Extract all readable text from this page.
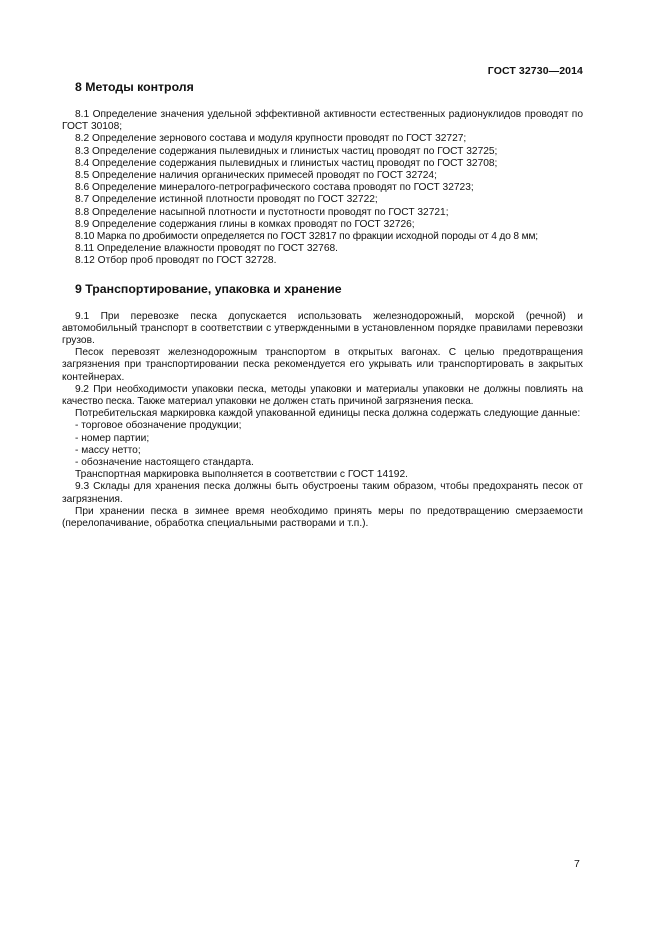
ГОСТ 32730—2014
8 Методы контроля

8.1 Определение значения удельной эффективной активности естественных радионуклидов проводят по ГОСТ 30108;

8.2 Определение зернового состава и модуля крупности проводят по ГОСТ 32727;

8.3 Определение содержания пылевидных и глинистых частиц проводят по ГОСТ 32725;

8.4 Определение содержания пылевидных и глинистых частиц проводят по ГОСТ 32708;

8.5 Определение наличия органических примесей проводят по ГОСТ 32724;

8.6 Определение минералого-петрографического состава проводят по ГОСТ 32723;

8.7 Определение истинной плотности проводят по ГОСТ 32722;

8.8 Определение насыпной плотности и пустотности проводят по ГОСТ 32721;

8.9 Определение содержания глины в комках проводят по ГОСТ 32726;

8.10 Марка по дробимости определяется по ГОСТ 32817 по фракции исходной породы от 4 до 8 мм;

8.11 Определение влажности проводят по ГОСТ 32768.

8.12 Отбор проб проводят по ГОСТ 32728.

9 Транспортирование, упаковка и хранение

9.1 При перевозке песка допускается использовать железнодорожный, морской (речной) и автомобильный транспорт в соответствии с утвержденными в установленном порядке правилами перевозки грузов.

Песок перевозят железнодорожным транспортом в открытых вагонах. С целью предотвращения загрязнения при транспортировании песка рекомендуется его укрывать или транспортировать в закрытых контейнерах.

9.2 При необходимости упаковки песка, методы упаковки и материалы упаковки не должны повлиять на качество песка. Также материал упаковки не должен стать причиной загрязнения песка.

Потребительская маркировка каждой упакованной единицы песка должна содержать следующие данные:

- торговое обозначение продукции;

- номер партии;

- массу нетто;

- обозначение настоящего стандарта.

Транспортная маркировка выполняется в соответствии с ГОСТ 14192.

9.3 Склады для хранения песка должны быть обустроены таким образом, чтобы предохранять песок от загрязнения.

При хранении песка в зимнее время необходимо принять меры по предотвращению смерзаемости (перелопачивание, обработка специальными растворами и т.п.).

7
